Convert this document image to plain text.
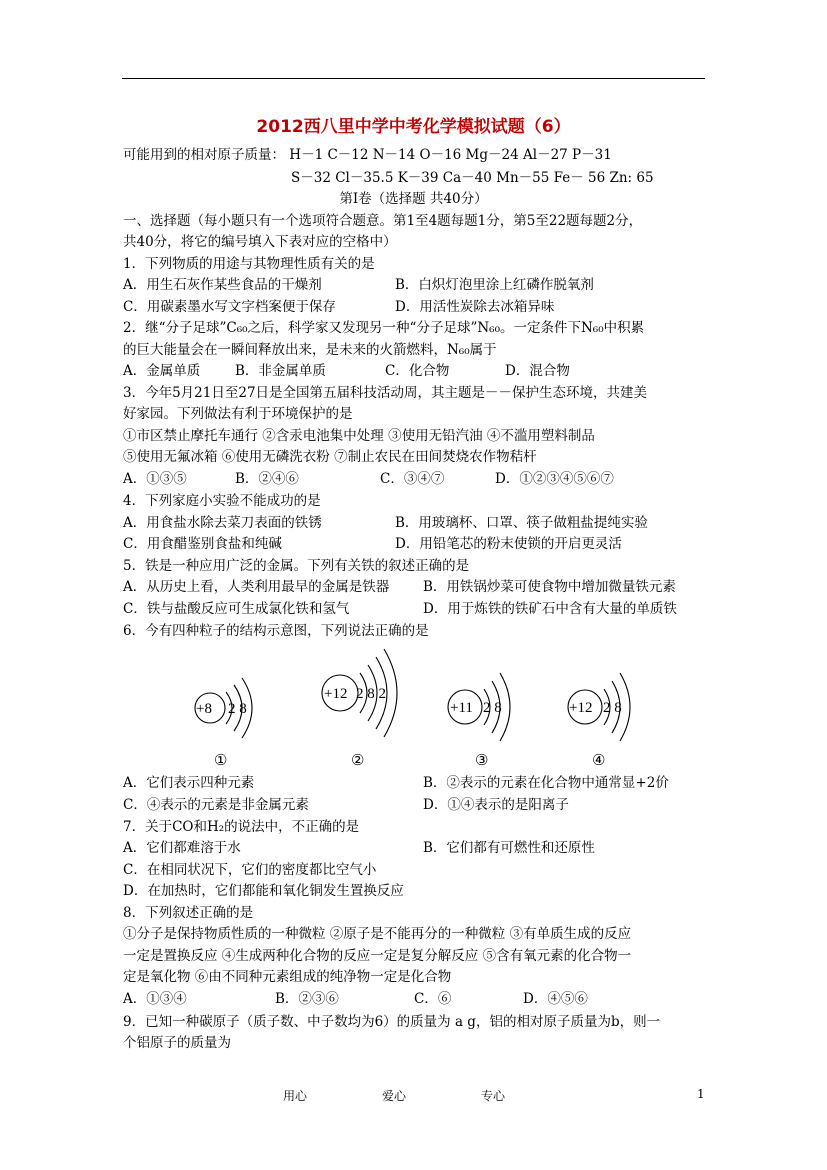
2012西八里中学中考化学模拟试题（6）
可能用到的相对原子质量： H－1 C－12 N－14 O－16 Mg－24 Al－27 P－31
S－32 Cl－35.5 K－39 Ca－40 Mn－55 Fe－ 56 Zn: 65
第Ⅰ卷（选择题 共40分）
一、选择题（每小题只有一个选项符合题意。第1至4题每题1分，第5至22题每题2分，
共40分，将它的编号填入下表对应的空格中）
1．下列物质的用途与其物理性质有关的是
A．用生石灰作某些食品的干燥剂	B．白炽灯泡里涂上红磷作脱氧剂
C．用碳素墨水写文字档案便于保存	D．用活性炭除去冰箱异味
2．继“分子足球”C₆₀之后，科学家又发现另一种“分子足球”N₆₀。一定条件下N₆₀中积累
的巨大能量会在一瞬间释放出来，是未来的火箭燃料，N₆₀属于
A．金属单质	B．非金属单质	C．化合物	D．混合物
3．今年5月21日至27日是全国第五届科技活动周，其主题是－－保护生态环境，共建美
好家园。下列做法有利于环境保护的是
①市区禁止摩托车通行 ②含汞电池集中处理 ③使用无铅汽油 ④不滥用塑料制品
⑤使用无氟冰箱 ⑥使用无磷洗衣粉 ⑦制止农民在田间焚烧农作物秸杆
A．①③⑤	B．②④⑥	C．③④⑦	D．①②③④⑤⑥⑦
4．下列家庭小实验不能成功的是
A．用食盐水除去菜刀表面的铁锈	B．用玻璃杯、口罩、筷子做粗盐提纯实验
C．用食醋鉴别食盐和纯碱	D．用铅笔芯的粉末使锁的开启更灵活
5．铁是一种应用广泛的金属。下列有关铁的叙述正确的是
A．从历史上看，人类利用最早的金属是铁器	B．用铁锅炒菜可使食物中增加微量铁元素
C．铁与盐酸反应可生成氯化铁和氢气	D．用于炼铁的铁矿石中含有大量的单质铁
6．今有四种粒子的结构示意图，下列说法正确的是
+8 2 8
+12 2 8 2
+11 2 8	+12 2 8
①	②	③	④
A．它们表示四种元素	B．②表示的元素在化合物中通常显+2价
C．④表示的元素是非金属元素	D．①④表示的是阳离子
7．关于CO和H₂的说法中，不正确的是
A．它们都难溶于水	B．它们都有可燃性和还原性
C．在相同状况下，它们的密度都比空气小
D．在加热时，它们都能和氧化铜发生置换反应
8．下列叙述正确的是
①分子是保持物质性质的一种微粒 ②原子是不能再分的一种微粒 ③有单质生成的反应
一定是置换反应 ④生成两种化合物的反应一定是复分解反应 ⑤含有氧元素的化合物一
定是氧化物 ⑥由不同种元素组成的纯净物一定是化合物
A．①③④	B．②③⑥	C．⑥	D．④⑤⑥
9．已知一种碳原子（质子数、中子数均为6）的质量为 a g，铝的相对原子质量为b，则一
个铝原子的质量为
用心	爱心	专心	1
